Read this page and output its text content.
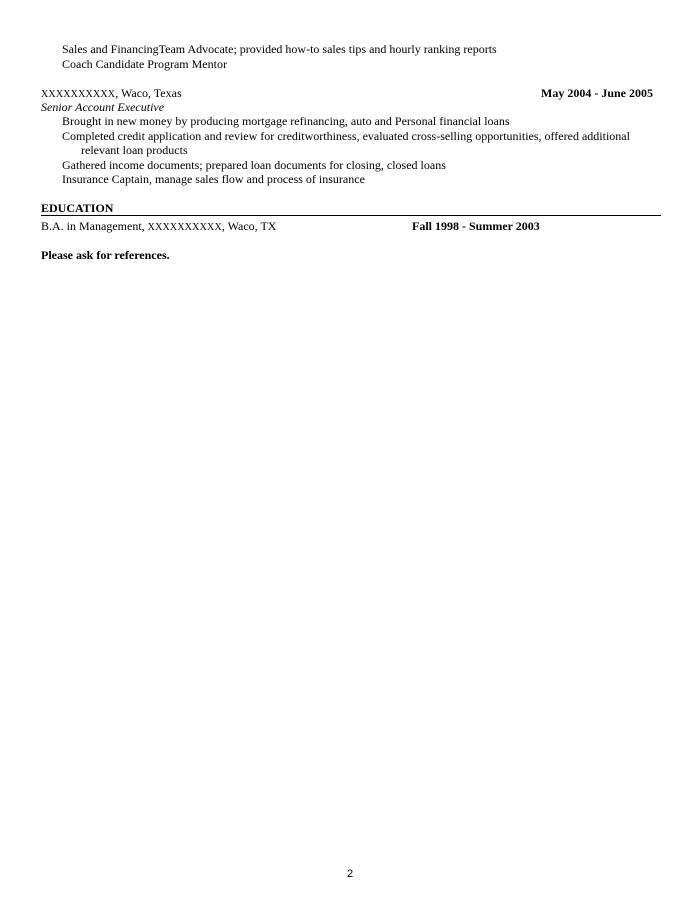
Sales and FinancingTeam Advocate; provided how-to sales tips and hourly ranking reports
Coach Candidate Program Mentor
XXXXXXXXXX, Waco, Texas	May 2004 - June 2005
Senior Account Executive
Brought in new money by producing mortgage refinancing, auto and Personal financial loans
Completed credit application and review for creditworthiness, evaluated cross-selling opportunities, offered additional
relevant loan products
Gathered income documents; prepared loan documents for closing, closed loans
Insurance Captain, manage sales flow and process of insurance
EDUCATION
B.A. in Management, XXXXXXXXXX, Waco, TX	Fall 1998 - Summer 2003
Please ask for references.
2
